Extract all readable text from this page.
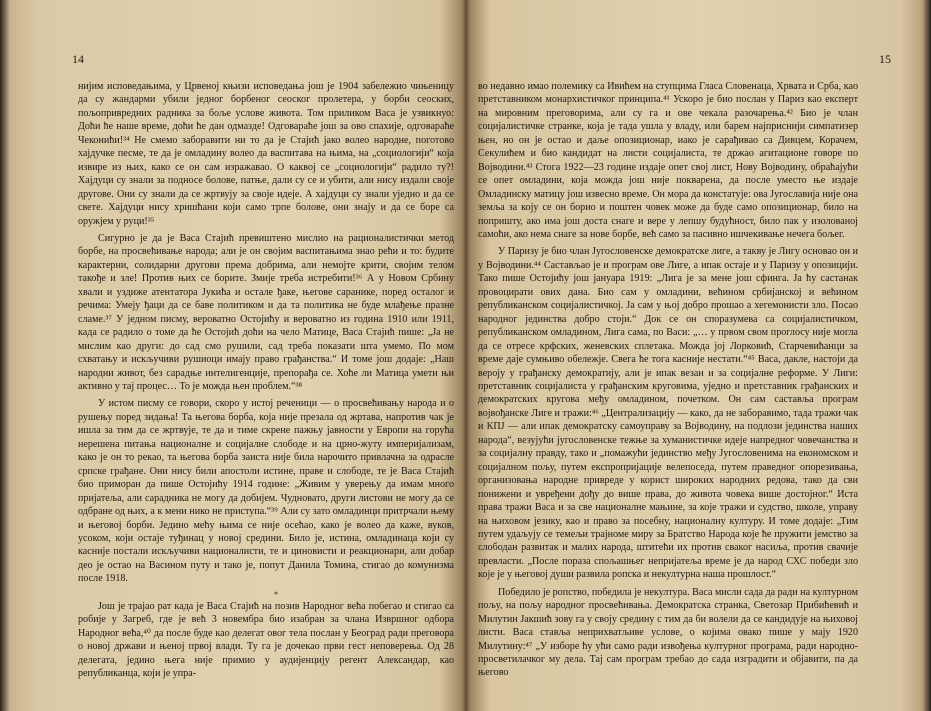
14

нијим исповедањима, у Црвеној књизи исповедања још је 1904 забележио чињеницу да су жандарми убили једног борбеног сеоског пролетера, у борби сеоских, пољопривредних радника за боље услове живота. Том приликом Васа је узвикнуо: Доћи ће наше време, доћи ће дан одмазде! Одговараће још за ово спахије, одговараће Чеконићи!³⁴ Не смемо заборавити ни то да је Стајић јако волео народне, поготово хајдучке песме, те да је омладину волео да васпитава на њима, на „социологији“ која извире из њих, како се он сам изражавао. О каквој се „социологији“ радило ту?! Хајдуци су знали за подносе болове, патње, дали су се и убити, али нису издали своје другове. Они су знали да се жртвују за своје идеје. А хајдуци су знали уједно и да се свете. Хајдуци нису хришћани који само трпе болове, они знају и да се боре са оружјем у руци!³⁵

Сигурно је да је Васа Стајић превиштено мислио на рационалистички метод борбе, на просвећивање народа; али је он својим васпитањима знао рећи и то: будите карактерни, солидарни другови према добрима, али немојте крити, својим телом такође и зле! Против њих се борите. Змије треба истребити!³⁶ А у Новом Србину хвали и уздиже атентатора Јукића и остале ђаке, његове саранике, поред осталог и речима: Умеју ђаци да се баве политиком и да та политика не буде млађење празне сламе.³⁷ У једном писму, вероватно Остојићу и вероватно из година 1910 или 1911, када се радило о томе да ће Остојић доћи на чело Матице, Васа Стајић пише: „Ја не мислим као други: до сад смо рушили, сад треба показати шта умемо. По мом схватању и искључиви рушиоци имају право грађанства.“ И томе још додаје: „Наш народни живот, без сарадње интелигенције, препорађа се. Хоће ли Матица умети њи активно у тај процес… То је можда њен проблем.“³⁸

У истом писму се говори, скоро у истој реченици — о просвећивању народа и о рушењу поред зидања! Та његова борба, која није презала од жртава, напротив чак је ишла за тим да се жртвује, те да и тиме скрене пажњу јавности у Европи на горућа нерешена питања националне и социјалне слободе и на црно-жуту империјализам, како је он то рекао, та његова борба заиста није била нарочито привлачна за одрасле српске грађане. Они нису били апостоли истине, праве и слободе, те је Васа Стајић био приморан да пише Остојићу 1914 године: „Живим у уверењу да имам много пријатеља, али сарадника не могу да добијем. Чудновато, други листови не могу да се одбране од њих, а к мени нико не приступа.“³⁹ Али су зато омладинци притрчали њему и његовој борби. Једино мећу њима се није осећао, како је волео да каже, вуков, усоком, који остаје туђинац у новој средини. Било је, истина, омладинаца који су касније постали искључиви националисти, те и циновисти и реакционари, али добар део је остао на Васином путу и тако је, попут Данила Томина, стигао до комунизма после 1918.

*

Још је трајао рат када је Васа Стајић на позив Народног већа побегао и стигао са робије у Загреб, где је већ 3 новембра био изабран за члана Извршног одбора Народног већа,⁴⁰ да после буде као делегат овог тела послан у Београд ради преговора о новој држави и њеној првој влади. Ту га је дочекао први гест неповерења. Од 28 делегата, једино њега није примио у аудијенцију регент Александар, као републиканца, који је упра-

15

во недавно имао полемику са Ивићем на ступцима Гласа Словенаца, Хрвата и Срба, као претставником монархистичког принципа.⁴¹ Ускоро је био послан у Париз као експерт на мировним преговорима, али су га и ове чекала разочарења.⁴² Био је члан социјалистичке странке, која је тада ушла у владу, или барем најприснији симпатизер њен, но он је остао и даље опозиционар, иако је сарађивао са Дивцем, Корачем, Секулићем и био кандидат на листи социјалиста, те држао агитационе говоре по Војводини.⁴³ Стога 1922—23 године издаје опет свој лист, Нову Војводину, обраћајући се опет омладини, која можда још није покварена, да после уместо ње издаје Омладинску матицу још извесно време. Он мора да констатује: ова Југославија није она земља за коју се он борио и поштен човек може да буде само опозиционар, било на попришту, ако има још доста снаге и вере у лепшу будућност, било пак у изолованој самоћи, ако нема снаге за нове борбе, већ само за пасивно ишчекивање нечега бољег.

У Паризу је био члан Југословенске демократске лиге, а такву је Лигу основао он и у Војводини.⁴⁴ Састављао је и програм ове Лиге, а ипак остаје и у Паризу у опозицији. Тако пише Остојићу још јануара 1919: „Лига је за мене још сфинга. Ја ћу састанак провоцирати ових дана. Био сам у омладини, већином србијанској и већином републиканском социјалистичкој. Ја сам у њој добро прошао а хегемонисти зло. Посао народног јединства добро стоји.“ Док се он споразумева са социјалистичком, републиканском омладином, Лига сама, по Васи: „… у првом свом проглосу није могла да се отресе крфских, женевских сплетака. Можда јој Лорковић, Старчевићанци за време даје сумњиво обележје. Свега ће тога касније нестати.“⁴⁵ Васа, даклe, настоји да вероју у грађанску демократију, али је ипак везан и за социјалне реформе. У Лиги: претставник социјалиста у грађанским круговима, уједно и претставник грађанских и демократских кругова међу омладином, почетком. Он сам саставља програм војвођанске Лиге и тражи:⁴⁶ „Централизацију — како, да не заборавимо, тада тражи чак и КПЈ — али ипак демократску самоуправу за Војводину, на подлози јединства наших народа“, везујући југословенске тежње за хуманистичке идеје напредног човечанства и за социјалну правду, тако и „помажући јединство међу Југословенима на економском и социјалном пољу, путем експропријације велепоседа, путем праведног опорезивања, организовања народне привреде у корист широких народних редова, тако да сви понижени и увређени дођу до више права, до живота човека више достојног.“ Иста права тражи Васа и за све националне мањине, за које тражи и судство, школе, управу на њиховом језику, као и право за посебну, националну културу. И томе додаје: „Тим путем удаљују се темељи трајноме миру за Братство Народа које ће пружити јемство за слободан развитак и малих народа, штитећи их против сваког насиља, против свачије превласти. „После пораза спољашњег непријатеља време је да народ СХС победи зло које је у његовој души развила ропска и некултурна наша прошлост.“

Победило је ропство, победила је некултура. Васа мисли сада да ради на културном пољу, на пољу народног просвећивања. Демократска странка, Светозар Прибићевић и Милутин Јакшић зову га у своју средину с тим да би волели да се кандидује на њиховој листи. Васа ставља неприхватљиве услове, о којима овако пише у мају 1920 Милутину:⁴⁷ „У изборе ћу ући само ради извођења културног програма, ради народно-просветилачког му дела. Тај сам програм требао до сада изградити и објавити, па да његово
